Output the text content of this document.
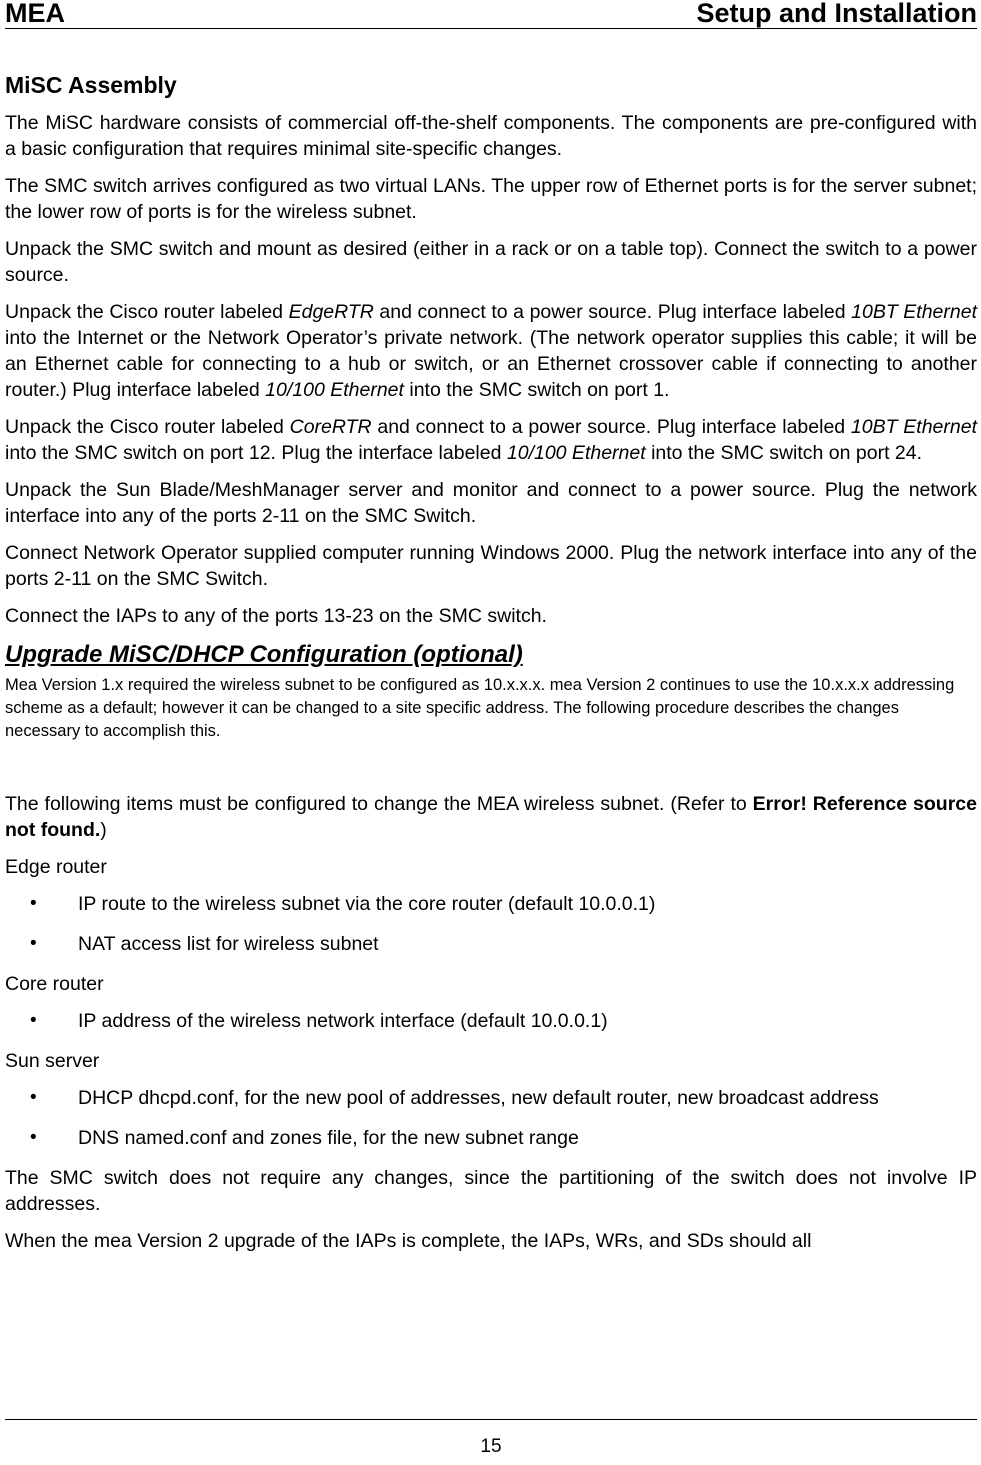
MEA	Setup and Installation
MiSC Assembly

The MiSC hardware consists of commercial off-the-shelf components. The components are pre-configured with a basic configuration that requires minimal site-specific changes.

The SMC switch arrives configured as two virtual LANs. The upper row of Ethernet ports is for the server subnet; the lower row of ports is for the wireless subnet.

Unpack the SMC switch and mount as desired (either in a rack or on a table top). Connect the switch to a power source.

Unpack the Cisco router labeled EdgeRTR and connect to a power source. Plug interface labeled 10BT Ethernet into the Internet or the Network Operator’s private network. (The network operator supplies this cable; it will be an Ethernet cable for connecting to a hub or switch, or an Ethernet crossover cable if connecting to another router.) Plug interface labeled 10/100 Ethernet into the SMC switch on port 1.

Unpack the Cisco router labeled CoreRTR and connect to a power source. Plug interface labeled 10BT Ethernet into the SMC switch on port 12. Plug the interface labeled 10/100 Ethernet into the SMC switch on port 24.

Unpack the Sun Blade/MeshManager server and monitor and connect to a power source. Plug the network interface into any of the ports 2-11 on the SMC Switch.

Connect Network Operator supplied computer running Windows 2000. Plug the network interface into any of the ports 2-11 on the SMC Switch.

Connect the IAPs to any of the ports 13-23 on the SMC switch.

Upgrade MiSC/DHCP Configuration (optional)
Mea Version 1.x required the wireless subnet to be configured as 10.x.x.x. mea Version 2 continues to use the 10.x.x.x addressing scheme as a default; however it can be changed to a site specific address. The following procedure describes the changes necessary to accomplish this.

The following items must be configured to change the MEA wireless subnet. (Refer to Error! Reference source not found.)

Edge router

• IP route to the wireless subnet via the core router (default 10.0.0.1)
• NAT access list for wireless subnet

Core router

• IP address of the wireless network interface (default 10.0.0.1)

Sun server

• DHCP dhcpd.conf, for the new pool of addresses, new default router, new broadcast address
• DNS named.conf and zones file, for the new subnet range

The SMC switch does not require any changes, since the partitioning of the switch does not involve IP addresses.

When the mea Version 2 upgrade of the IAPs is complete, the IAPs, WRs, and SDs should all

15
